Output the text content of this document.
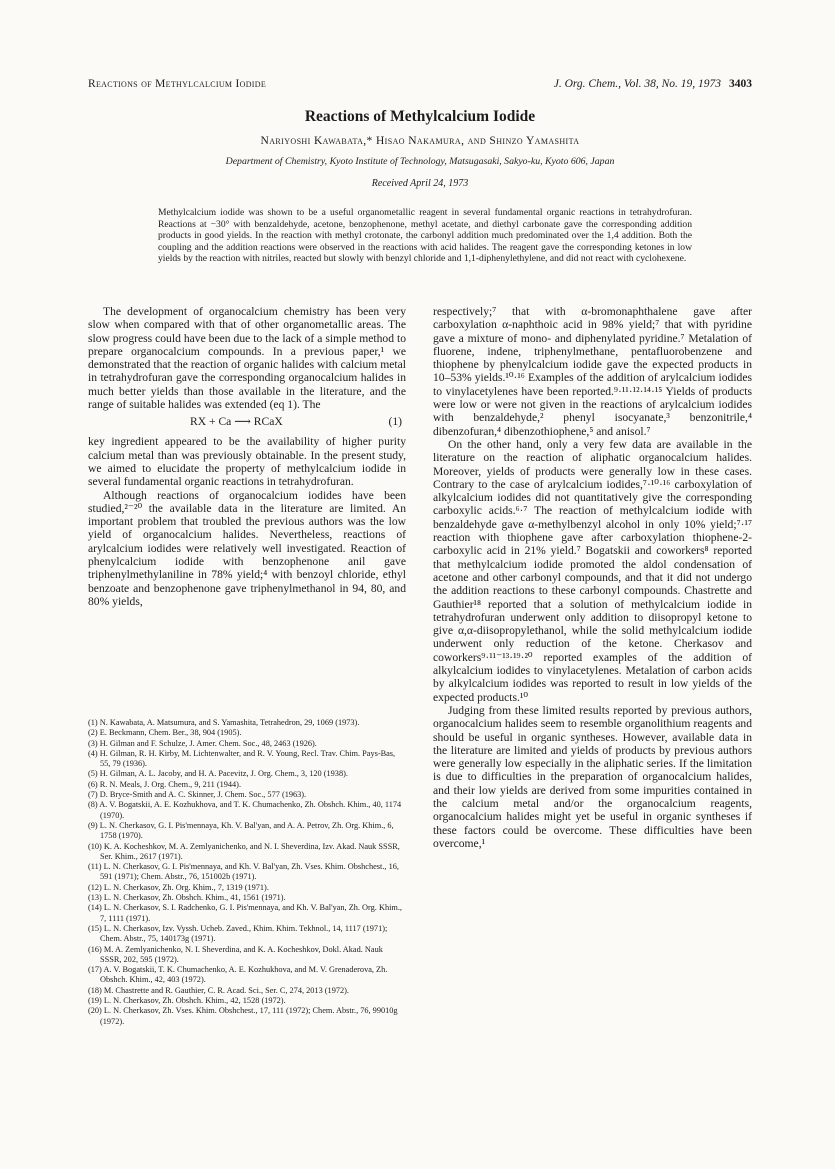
Reactions of Methylcalcium Iodide	J. Org. Chem., Vol. 38, No. 19, 1973 3403
Reactions of Methylcalcium Iodide
Nariyoshi Kawabata,* Hisao Nakamura, and Shinzo Yamashita
Department of Chemistry, Kyoto Institute of Technology, Matsugasaki, Sakyo-ku, Kyoto 606, Japan
Received April 24, 1973
Methylcalcium iodide was shown to be a useful organometallic reagent in several fundamental organic reactions in tetrahydrofuran. Reactions at −30° with benzaldehyde, acetone, benzophenone, methyl acetate, and diethyl carbonate gave the corresponding addition products in good yields. In the reaction with methyl crotonate, the carbonyl addition much predominated over the 1,4 addition. Both the coupling and the addition reactions were observed in the reactions with acid halides. The reagent gave the corresponding ketones in low yields by the reaction with nitriles, reacted but slowly with benzyl chloride and 1,1-diphenylethylene, and did not react with cyclohexene.

The development of organocalcium chemistry has been very slow when compared with that of other organometallic areas. The slow progress could have been due to the lack of a simple method to prepare organocalcium compounds. In a previous paper,¹ we demonstrated that the reaction of organic halides with calcium metal in tetrahydrofuran gave the corresponding organocalcium halides in much better yields than those available in the literature, and the range of suitable halides was extended (eq 1). The

RX + Ca ⟶ RCaX	(1)

key ingredient appeared to be the availability of higher purity calcium metal than was previously obtainable. In the present study, we aimed to elucidate the property of methylcalcium iodide in several fundamental organic reactions in tetrahydrofuran.

Although reactions of organocalcium iodides have been studied,²⁻²⁰ the available data in the literature are limited. An important problem that troubled the previous authors was the low yield of organocalcium halides. Nevertheless, reactions of arylcalcium iodides were relatively well investigated. Reaction of phenylcalcium iodide with benzophenone anil gave triphenylmethylaniline in 78% yield;⁴ with benzoyl chloride, ethyl benzoate and benzophenone gave triphenylmethanol in 94, 80, and 80% yields,

(1) N. Kawabata, A. Matsumura, and S. Yamashita, Tetrahedron, 29, 1069 (1973).
(2) E. Beckmann, Chem. Ber., 38, 904 (1905).
(3) H. Gilman and F. Schulze, J. Amer. Chem. Soc., 48, 2463 (1926).
(4) H. Gilman, R. H. Kirby, M. Lichtenwalter, and R. V. Young, Recl. Trav. Chim. Pays-Bas, 55, 79 (1936).
(5) H. Gilman, A. L. Jacoby, and H. A. Pacevitz, J. Org. Chem., 3, 120 (1938).
(6) R. N. Meals, J. Org. Chem., 9, 211 (1944).
(7) D. Bryce-Smith and A. C. Skinner, J. Chem. Soc., 577 (1963).
(8) A. V. Bogatskii, A. E. Kozhukhova, and T. K. Chumachenko, Zh. Obshch. Khim., 40, 1174 (1970).
(9) L. N. Cherkasov, G. I. Pis'mennaya, Kh. V. Bal'yan, and A. A. Petrov, Zh. Org. Khim., 6, 1758 (1970).
(10) K. A. Kocheshkov, M. A. Zemlyanichenko, and N. I. Sheverdina, Izv. Akad. Nauk SSSR, Ser. Khim., 2617 (1971).
(11) L. N. Cherkasov, G. I. Pis'mennaya, and Kh. V. Bal'yan, Zh. Vses. Khim. Obshchest., 16, 591 (1971); Chem. Abstr., 76, 151002b (1971).
(12) L. N. Cherkasov, Zh. Org. Khim., 7, 1319 (1971).
(13) L. N. Cherkasov, Zh. Obshch. Khim., 41, 1561 (1971).
(14) L. N. Cherkasov, S. I. Radchenko, G. I. Pis'mennaya, and Kh. V. Bal'yan, Zh. Org. Khim., 7, 1111 (1971).
(15) L. N. Cherkasov, Izv. Vyssh. Ucheb. Zaved., Khim. Khim. Tekhnol., 14, 1117 (1971); Chem. Abstr., 75, 140173g (1971).
(16) M. A. Zemlyanichenko, N. I. Sheverdina, and K. A. Kocheshkov, Dokl. Akad. Nauk SSSR, 202, 595 (1972).
(17) A. V. Bogatskii, T. K. Chumachenko, A. E. Kozhukhova, and M. V. Grenaderova, Zh. Obshch. Khim., 42, 403 (1972).
(18) M. Chastrette and R. Gauthier, C. R. Acad. Sci., Ser. C, 274, 2013 (1972).
(19) L. N. Cherkasov, Zh. Obshch. Khim., 42, 1528 (1972).
(20) L. N. Cherkasov, Zh. Vses. Khim. Obshchest., 17, 111 (1972); Chem. Abstr., 76, 99010g (1972).

respectively;⁷ that with α-bromonaphthalene gave after carboxylation α-naphthoic acid in 98% yield;⁷ that with pyridine gave a mixture of mono- and diphenylated pyridine.⁷ Metalation of fluorene, indene, triphenylmethane, pentafluorobenzene and thiophene by phenylcalcium iodide gave the expected products in 10–53% yields.¹⁰·¹⁶ Examples of the addition of arylcalcium iodides to vinylacetylenes have been reported.⁹·¹¹·¹²·¹⁴·¹⁵ Yields of products were low or were not given in the reactions of arylcalcium iodides with benzaldehyde,² phenyl isocyanate,³ benzonitrile,⁴ dibenzofuran,⁴ dibenzothiophene,⁵ and anisol.⁷

On the other hand, only a very few data are available in the literature on the reaction of aliphatic organocalcium halides. Moreover, yields of products were generally low in these cases. Contrary to the case of arylcalcium iodides,⁷·¹⁰·¹⁶ carboxylation of alkylcalcium iodides did not quantitatively give the corresponding carboxylic acids.⁶·⁷ The reaction of methylcalcium iodide with benzaldehyde gave α-methylbenzyl alcohol in only 10% yield;⁷·¹⁷ reaction with thiophene gave after carboxylation thiophene-2-carboxylic acid in 21% yield.⁷ Bogatskii and coworkers⁸ reported that methylcalcium iodide promoted the aldol condensation of acetone and other carbonyl compounds, and that it did not undergo the addition reactions to these carbonyl compounds. Chastrette and Gauthier¹⁸ reported that a solution of methylcalcium iodide in tetrahydrofuran underwent only addition to diisopropyl ketone to give α,α-diisopropylethanol, while the solid methylcalcium iodide underwent only reduction of the ketone. Cherkasov and coworkers⁹·¹¹⁻¹³·¹⁹·²⁰ reported examples of the addition of alkylcalcium iodides to vinylacetylenes. Metalation of carbon acids by alkylcalcium iodides was reported to result in low yields of the expected products.¹⁰

Judging from these limited results reported by previous authors, organocalcium halides seem to resemble organolithium reagents and should be useful in organic syntheses. However, available data in the literature are limited and yields of products by previous authors were generally low especially in the aliphatic series. If the limitation is due to difficulties in the preparation of organocalcium halides, and their low yields are derived from some impurities contained in the calcium metal and/or the organocalcium reagents, organocalcium halides might yet be useful in organic syntheses if these factors could be overcome. These difficulties have been overcome,¹
